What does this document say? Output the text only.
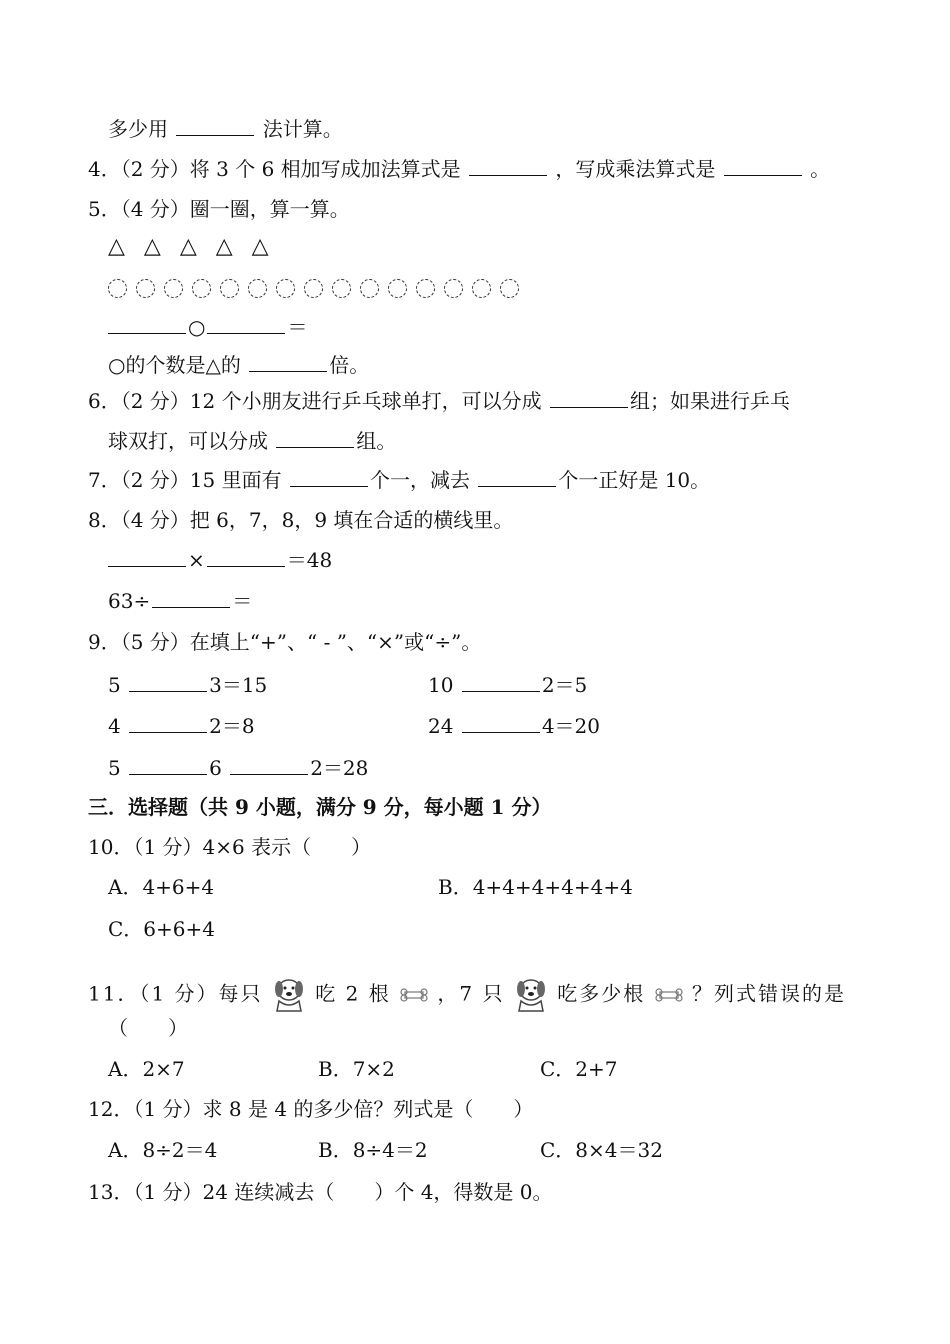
多少用	法计算。
4．（2 分）将 3 个 6 相加写成加法算式是	，写成乘法算式是	。
5．（4 分）圈一圈，算一算。
△ △ △ △ △
○	＝
○的个数是△的	倍。
6．（2 分）12 个小朋友进行乒乓球单打，可以分成	组；如果进行乒乓
球双打，可以分成	组。
7．（2 分）15 里面有	个一，减去	个一正好是 10。
8．（4 分）把 6，7，8，9 填在合适的横线里。
×	＝48
63÷	＝
9．（5 分）在填上“+”、“ - ”、“×”或“÷”。
5	3＝15	10	2＝5
4	2＝8	24	4＝20
5	6	2＝28
三．选择题（共 9 小题，满分 9 分，每小题 1 分）
10．（1 分）4×6 表示（　　）
A．4+6+4	B．4+4+4+4+4+4
C．6+6+4
11．（1 分）每只	吃 2 根 ，7 只	吃多少根 ？列式错误的是
（　　）
A．2×7	B．7×2	C．2+7
12．（1 分）求 8 是 4 的多少倍？列式是（　　）
A．8÷2＝4	B．8÷4＝2	C．8×4＝32
13．（1 分）24 连续减去（　　）个 4，得数是 0。
